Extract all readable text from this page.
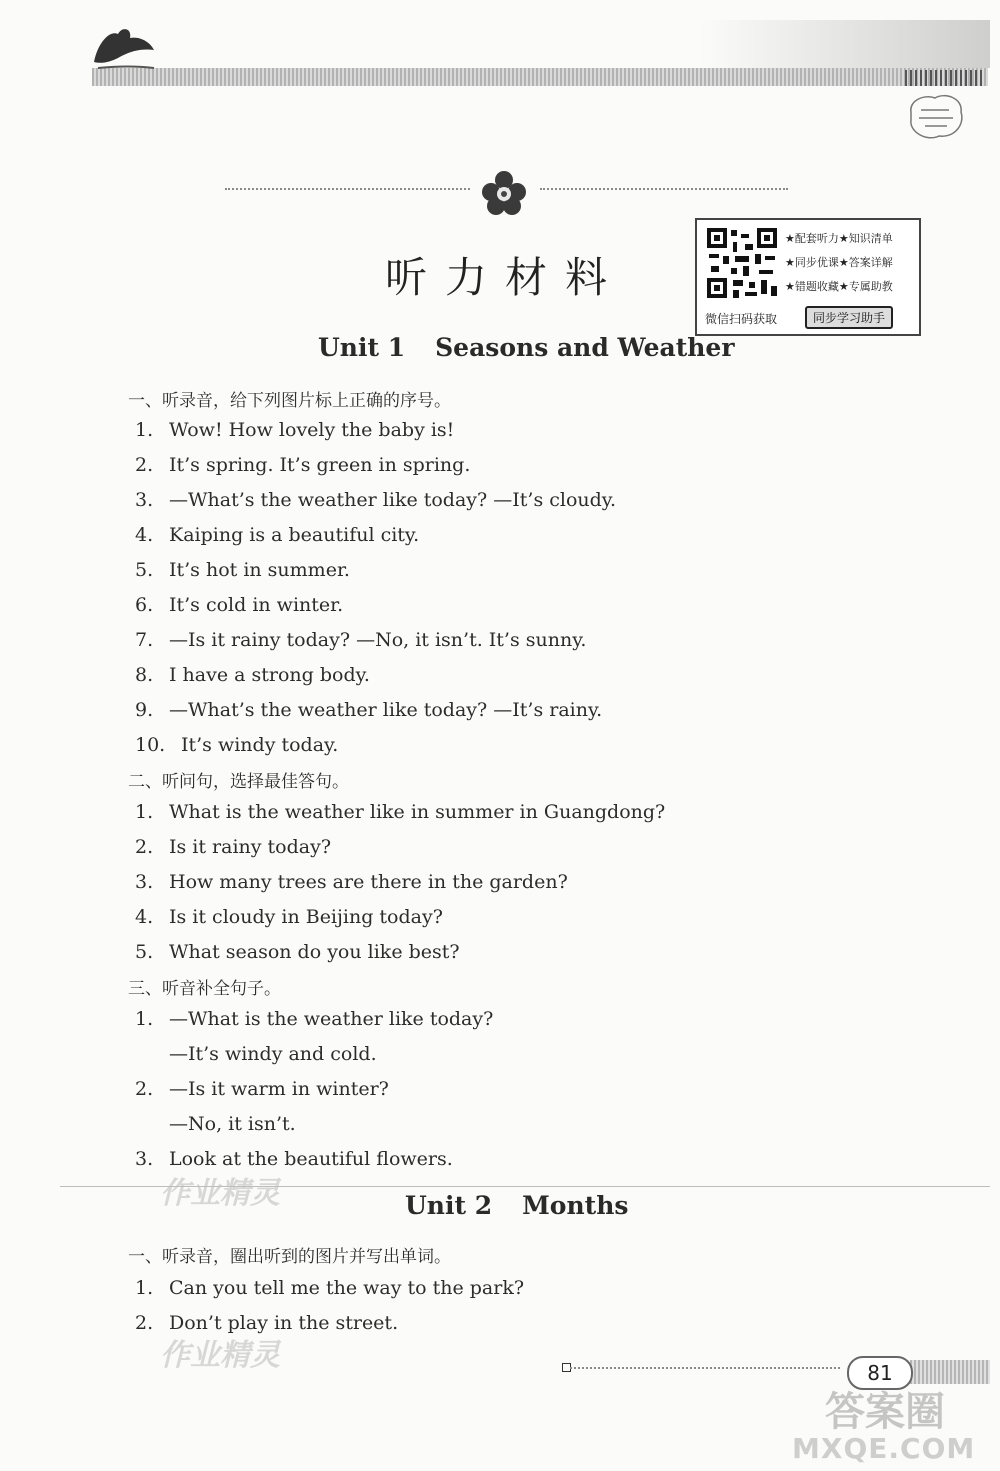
听力材料
★配套听力★知识清单
★同步优课★答案详解
★错题收藏★专属助教
微信扫码获取	同步学习助手
Unit 1 Seasons and Weather
一、听录音，给下列图片标上正确的序号。
1. Wow! How lovely the baby is!
2. It’s spring. It’s green in spring.
3. —What’s the weather like today? —It’s cloudy.
4. Kaiping is a beautiful city.
5. It’s hot in summer.
6. It’s cold in winter.
7. —Is it rainy today? —No, it isn’t. It’s sunny.
8. I have a strong body.
9. —What’s the weather like today? —It’s rainy.
10. It’s windy today.
二、听问句，选择最佳答句。
1. What is the weather like in summer in Guangdong?
2. Is it rainy today?
3. How many trees are there in the garden?
4. Is it cloudy in Beijing today?
5. What season do you like best?
三、听音补全句子。
1. —What is the weather like today?
—It’s windy and cold.
2. —Is it warm in winter?
—No, it isn’t.
3. Look at the beautiful flowers.
作业精灵	Unit 2 Months
一、听录音，圈出听到的图片并写出单词。
1. Can you tell me the way to the park?
2. Don’t play in the street.
作业精灵	81
答案圈
MXQE.COM
